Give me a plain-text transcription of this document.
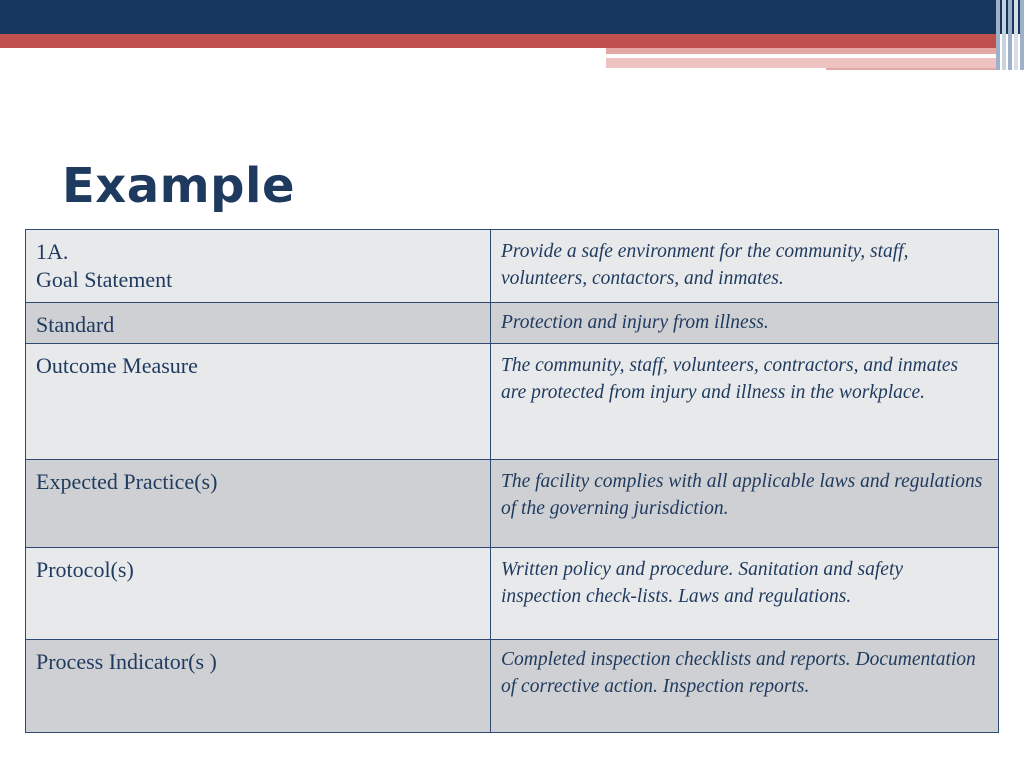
Example
1A.
Goal Statement	Provide a safe environment for the community, staff, volunteers, contactors, and inmates.
Standard	Protection and injury from illness.
Outcome Measure	The community, staff, volunteers, contractors, and inmates are protected from injury and illness in the workplace.
Expected Practice(s)	The facility complies with all applicable laws and regulations of the governing jurisdiction.
Protocol(s)	Written policy and procedure. Sanitation and safety inspection check-lists. Laws and regulations.
Process Indicator(s )	Completed inspection checklists and reports. Documentation of corrective action. Inspection reports.
